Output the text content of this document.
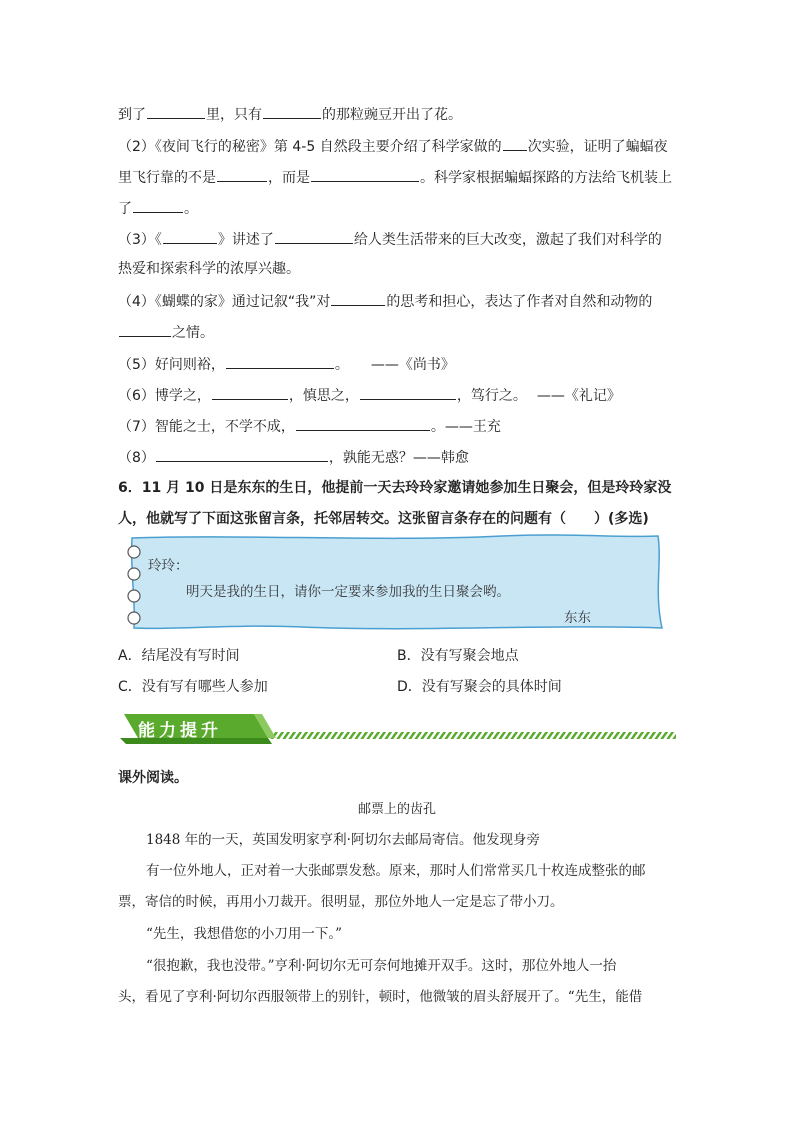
到了	里，只有	的那粒豌豆开出了花。
（2）《夜间飞行的秘密》第 4-5 自然段主要介绍了科学家做的 次实验，证明了蝙蝠夜
里飞行靠的不是	，而是	。科学家根据蝙蝠探路的方法给飞机装上
了	。
（3）《	》讲述了	给人类生活带来的巨大改变，激起了我们对科学的
热爱和探索科学的浓厚兴趣。
（4）《蝴蝶的家》通过记叙“我”对	的思考和担心，表达了作者对自然和动物的
之情。
（5）好问则裕，	。 ——《尚书》
（6）博学之，	，慎思之，	，笃行之。 ——《礼记》
（7）智能之士，不学不成，	。——王充
（8）	，孰能无惑？——韩愈
6．11 月 10 日是东东的生日，他提前一天去玲玲家邀请她参加生日聚会，但是玲玲家没
人，他就写了下面这张留言条，托邻居转交。这张留言条存在的问题有（　　）(多选)
玲玲：
明天是我的生日，请你一定要来参加我的生日聚会哟。
东东
A．结尾没有写时间	B．没有写聚会地点
C．没有写有哪些人参加	D．没有写聚会的具体时间
能力提升
课外阅读。
邮票上的齿孔
1848 年的一天，英国发明家亨利·阿切尔去邮局寄信。他发现身旁
有一位外地人，正对着一大张邮票发愁。原来，那时人们常常买几十枚连成整张的邮
票，寄信的时候，再用小刀裁开。很明显，那位外地人一定是忘了带小刀。
“先生，我想借您的小刀用一下。”
“很抱歉，我也没带。”亨利·阿切尔无可奈何地摊开双手。这时，那位外地人一抬
头，看见了亨利·阿切尔西服领带上的别针，顿时，他微皱的眉头舒展开了。“先生，能借
